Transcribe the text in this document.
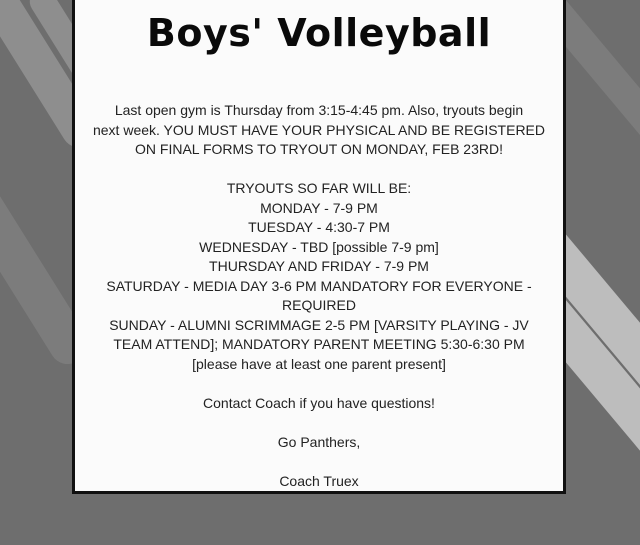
Boys' Volleyball

Last open gym is Thursday from 3:15-4:45 pm. Also, tryouts begin

next week. YOU MUST HAVE YOUR PHYSICAL AND BE REGISTERED

ON FINAL FORMS TO TRYOUT ON MONDAY, FEB 23RD!

TRYOUTS SO FAR WILL BE:

MONDAY - 7-9 PM

TUESDAY - 4:30-7 PM

WEDNESDAY - TBD [possible 7-9 pm]

THURSDAY AND FRIDAY - 7-9 PM

SATURDAY - MEDIA DAY 3-6 PM MANDATORY FOR EVERYONE -

REQUIRED

SUNDAY - ALUMNI SCRIMMAGE 2-5 PM [VARSITY PLAYING - JV

TEAM ATTEND]; MANDATORY PARENT MEETING 5:30-6:30 PM

[please have at least one parent present]

Contact Coach if you have questions!

Go Panthers,

Coach Truex
